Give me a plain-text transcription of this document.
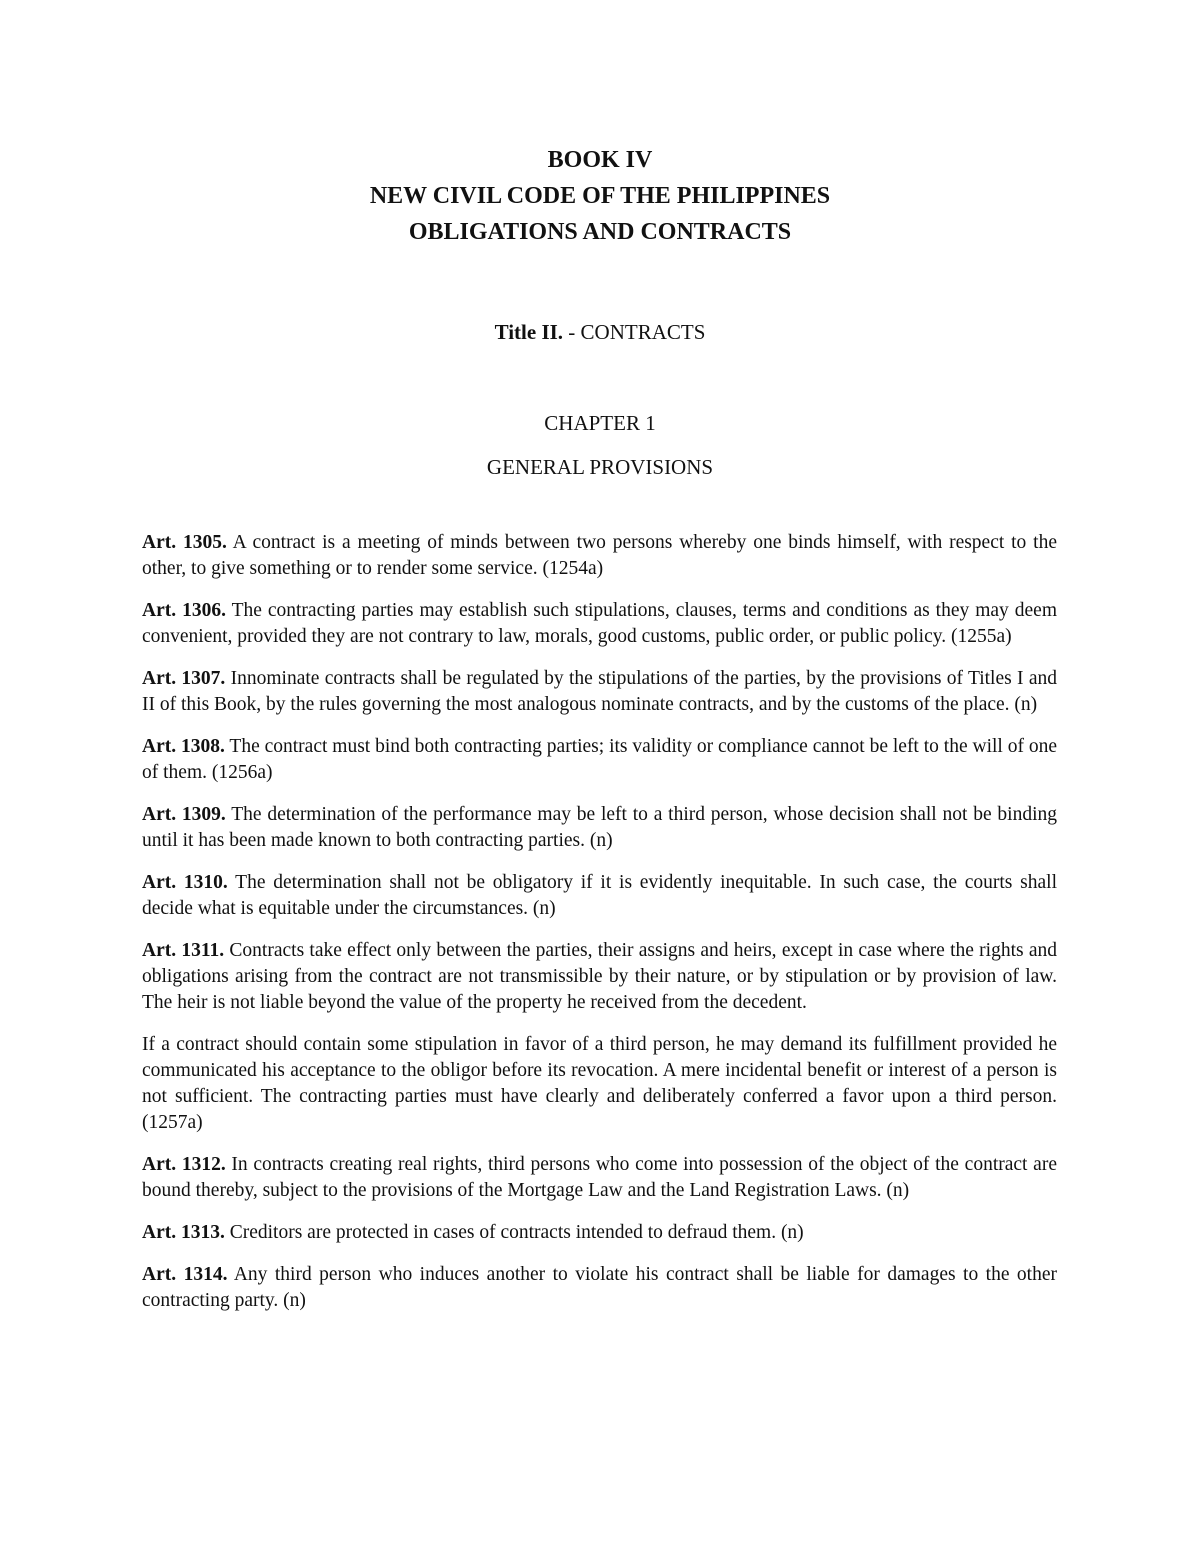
BOOK IV

NEW CIVIL CODE OF THE PHILIPPINES

OBLIGATIONS AND CONTRACTS

Title II. - CONTRACTS

CHAPTER 1

GENERAL PROVISIONS

Art. 1305. A contract is a meeting of minds between two persons whereby one binds himself, with respect to the other, to give something or to render some service. (1254a)

Art. 1306. The contracting parties may establish such stipulations, clauses, terms and conditions as they may deem convenient, provided they are not contrary to law, morals, good customs, public order, or public policy. (1255a)

Art. 1307. Innominate contracts shall be regulated by the stipulations of the parties, by the provisions of Titles I and II of this Book, by the rules governing the most analogous nominate contracts, and by the customs of the place. (n)

Art. 1308. The contract must bind both contracting parties; its validity or compliance cannot be left to the will of one of them. (1256a)

Art. 1309. The determination of the performance may be left to a third person, whose decision shall not be binding until it has been made known to both contracting parties. (n)

Art. 1310. The determination shall not be obligatory if it is evidently inequitable. In such case, the courts shall decide what is equitable under the circumstances. (n)

Art. 1311. Contracts take effect only between the parties, their assigns and heirs, except in case where the rights and obligations arising from the contract are not transmissible by their nature, or by stipulation or by provision of law. The heir is not liable beyond the value of the property he received from the decedent.

If a contract should contain some stipulation in favor of a third person, he may demand its fulfillment provided he communicated his acceptance to the obligor before its revocation. A mere incidental benefit or interest of a person is not sufficient. The contracting parties must have clearly and deliberately conferred a favor upon a third person. (1257a)

Art. 1312. In contracts creating real rights, third persons who come into possession of the object of the contract are bound thereby, subject to the provisions of the Mortgage Law and the Land Registration Laws. (n)

Art. 1313. Creditors are protected in cases of contracts intended to defraud them. (n)

Art. 1314. Any third person who induces another to violate his contract shall be liable for damages to the other contracting party. (n)
